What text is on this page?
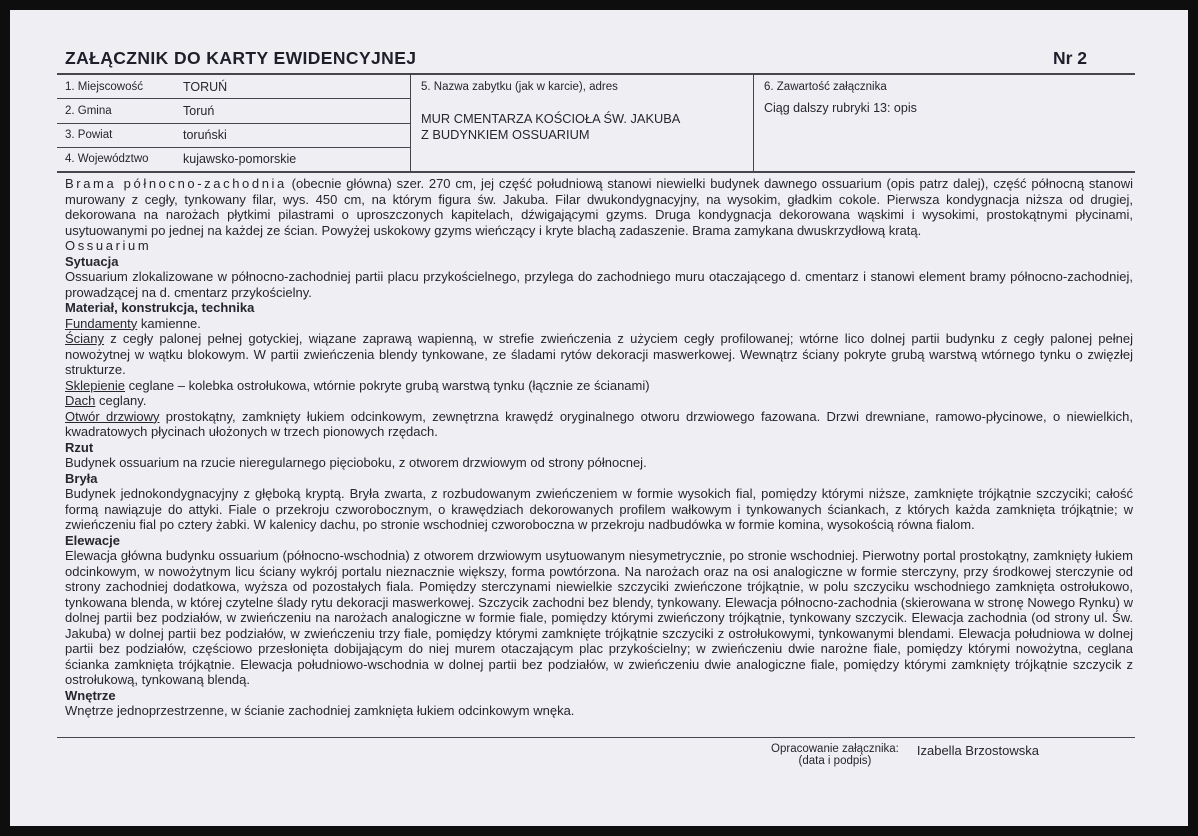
ZAŁĄCZNIK DO KARTY EWIDENCYJNEJ	Nr 2
1. Miejscowość	TORUŃ
2. Gmina	Toruń
3. Powiat	toruński
4. Województwo	kujawsko-pomorskie
5. Nazwa zabytku (jak w karcie), adres
MUR CMENTARZA KOŚCIOŁA ŚW. JAKUBA
Z BUDYNKIEM OSSUARIUM
6. Zawartość załącznika
Ciąg dalszy rubryki 13: opis

Brama północno-zachodnia (obecnie główna) szer. 270 cm, jej część południową stanowi niewielki budynek dawnego ossuarium (opis patrz dalej), część północną stanowi murowany z cegły, tynkowany filar, wys. 450 cm, na którym figura św. Jakuba. Filar dwukondygnacyjny, na wysokim, gładkim cokole. Pierwsza kondygnacja niższa od drugiej, dekorowana na narożach płytkimi pilastrami o uproszczonych kapitelach, dźwigającymi gzyms. Druga kondygnacja dekorowana wąskimi i wysokimi, prostokątnymi płycinami, usytuowanymi po jednej na każdej ze ścian. Powyżej uskokowy gzyms wieńczący i kryte blachą zadaszenie. Brama zamykana dwuskrzydłową kratą.

Ossuarium

Sytuacja

Ossuarium zlokalizowane w północno-zachodniej partii placu przykościelnego, przylega do zachodniego muru otaczającego d. cmentarz i stanowi element bramy północno-zachodniej, prowadzącej na d. cmentarz przykościelny.

Materiał, konstrukcja, technika

Fundamenty kamienne.

Ściany z cegły palonej pełnej gotyckiej, wiązane zaprawą wapienną, w strefie zwieńczenia z użyciem cegły profilowanej; wtórne lico dolnej partii budynku z cegły palonej pełnej nowożytnej w wątku blokowym. W partii zwieńczenia blendy tynkowane, ze śladami rytów dekoracji maswerkowej. Wewnątrz ściany pokryte grubą warstwą wtórnego tynku o zwięzłej strukturze.

Sklepienie ceglane – kolebka ostrołukowa, wtórnie pokryte grubą warstwą tynku (łącznie ze ścianami)

Dach ceglany.

Otwór drzwiowy prostokątny, zamknięty łukiem odcinkowym, zewnętrzna krawędź oryginalnego otworu drzwiowego fazowana. Drzwi drewniane, ramowo-płycinowe, o niewielkich, kwadratowych płycinach ułożonych w trzech pionowych rzędach.

Rzut

Budynek ossuarium na rzucie nieregularnego pięcioboku, z otworem drzwiowym od strony północnej.

Bryła

Budynek jednokondygnacyjny z głęboką kryptą. Bryła zwarta, z rozbudowanym zwieńczeniem w formie wysokich fial, pomiędzy którymi niższe, zamknięte trójkątnie szczyciki; całość formą nawiązuje do attyki. Fiale o przekroju czworobocznym, o krawędziach dekorowanych profilem wałkowym i tynkowanych ściankach, z których każda zamknięta trójkątnie; w zwieńczeniu fial po cztery żabki. W kalenicy dachu, po stronie wschodniej czworoboczna w przekroju nadbudówka w formie komina, wysokością równa fialom.

Elewacje

Elewacja główna budynku ossuarium (północno-wschodnia) z otworem drzwiowym usytuowanym niesymetrycznie, po stronie wschodniej. Pierwotny portal prostokątny, zamknięty łukiem odcinkowym, w nowożytnym licu ściany wykrój portalu nieznacznie większy, forma powtórzona. Na narożach oraz na osi analogiczne w formie sterczyny, przy środkowej sterczynie od strony zachodniej dodatkowa, wyższa od pozostałych fiala. Pomiędzy sterczynami niewielkie szczyciki zwieńczone trójkątnie, w polu szczyciku wschodniego zamknięta ostrołukowo, tynkowana blenda, w której czytelne ślady rytu dekoracji maswerkowej. Szczycik zachodni bez blendy, tynkowany. Elewacja północno-zachodnia (skierowana w stronę Nowego Rynku) w dolnej partii bez podziałów, w zwieńczeniu na narożach analogiczne w formie fiale, pomiędzy którymi zwieńczony trójkątnie, tynkowany szczycik. Elewacja zachodnia (od strony ul. Św. Jakuba) w dolnej partii bez podziałów, w zwieńczeniu trzy fiale, pomiędzy którymi zamknięte trójkątnie szczyciki z ostrołukowymi, tynkowanymi blendami. Elewacja południowa w dolnej partii bez podziałów, częściowo przesłonięta dobijającym do niej murem otaczającym plac przykościelny; w zwieńczeniu dwie narożne fiale, pomiędzy którymi nowożytna, ceglana ścianka zamknięta trójkątnie. Elewacja południowo-wschodnia w dolnej partii bez podziałów, w zwieńczeniu dwie analogiczne fiale, pomiędzy którymi zamknięty trójkątnie szczycik z ostrołukową, tynkowaną blendą.

Wnętrze

Wnętrze jednoprzestrzenne, w ścianie zachodniej zamknięta łukiem odcinkowym wnęka.

Opracowanie załącznika:
(data i podpis)
Izabella Brzostowska
